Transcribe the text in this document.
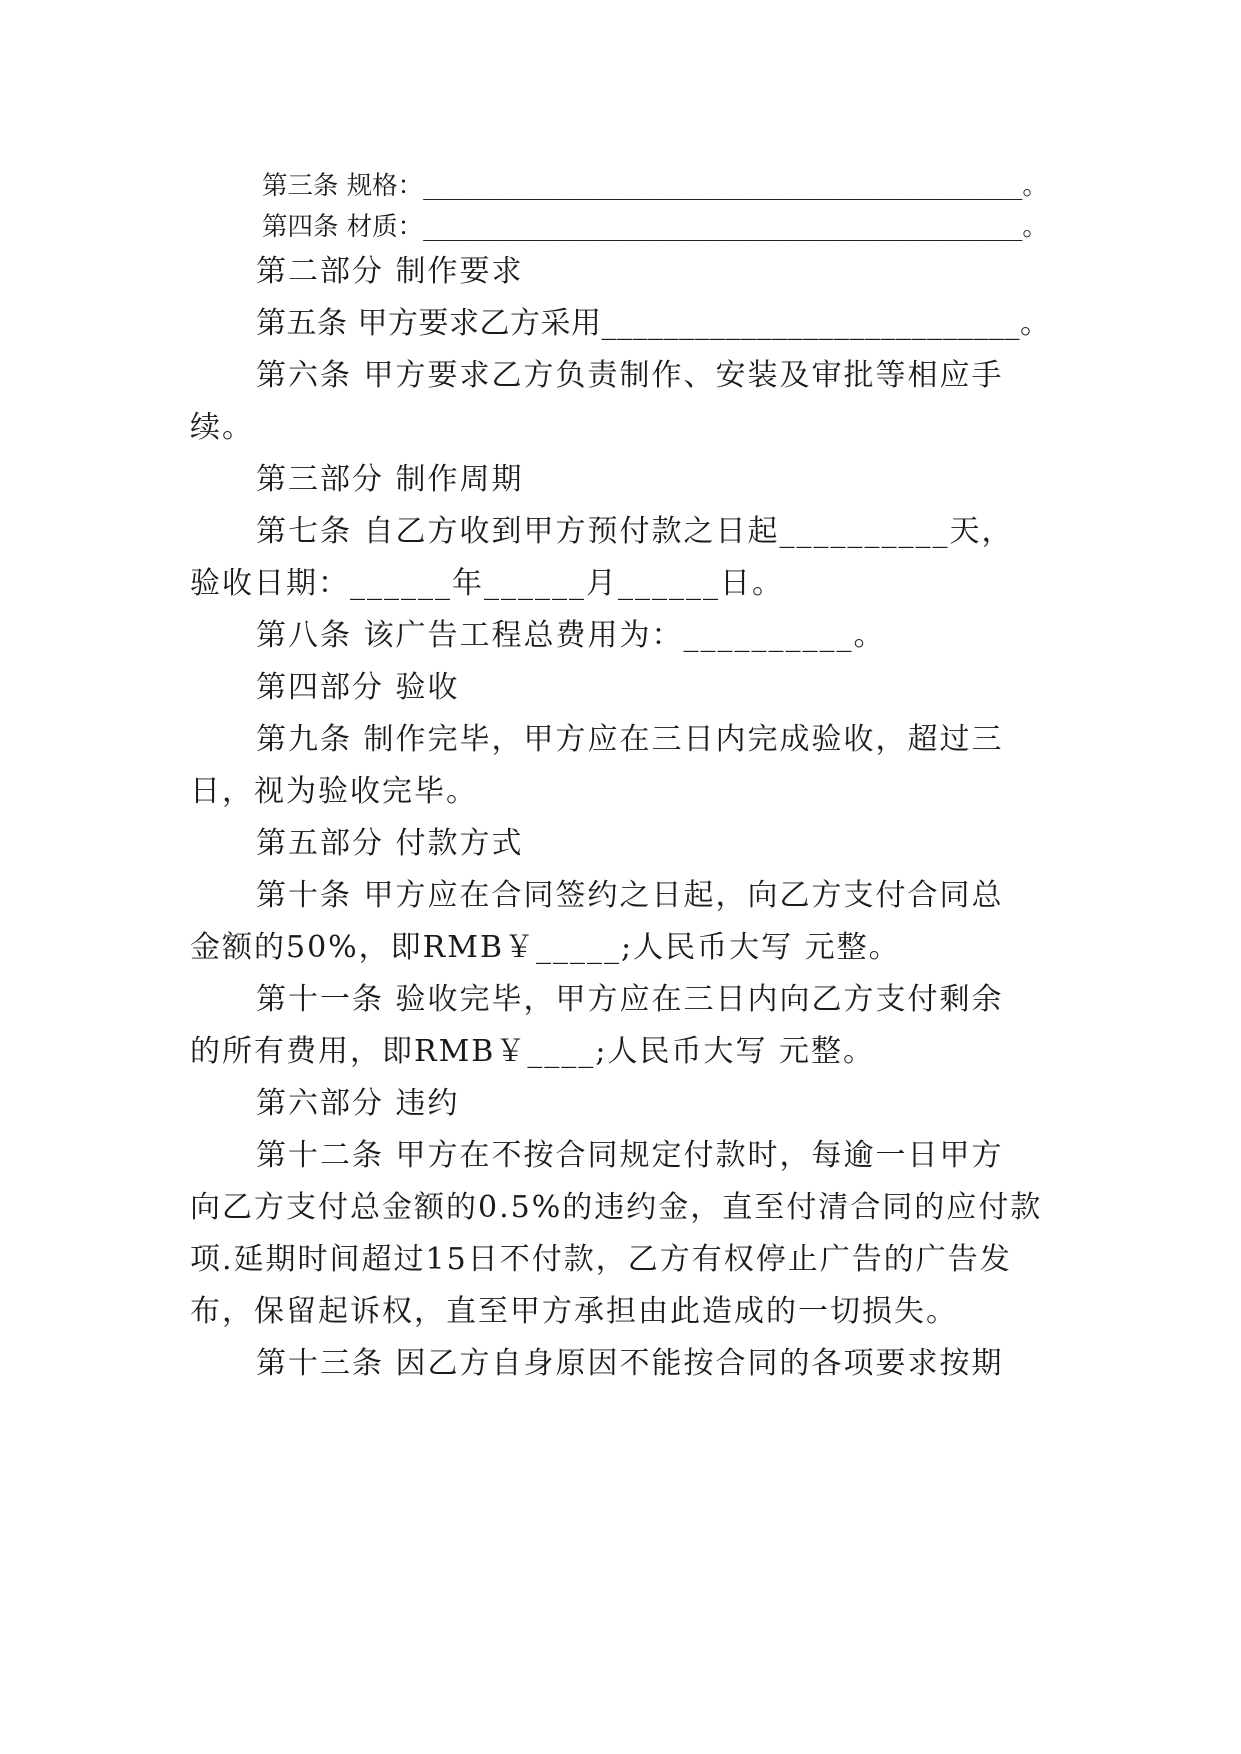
第三条 规格：_______________________________________________。
第四条 材质：_______________________________________________。
第二部分 制作要求
第五条 甲方要求乙方采用___________________________。
第六条 甲方要求乙方负责制作、安装及审批等相应手
续。
第三部分 制作周期
第七条 自乙方收到甲方预付款之日起__________天，
验收日期：______年______月______日。
第八条 该广告工程总费用为：__________。
第四部分 验收
第九条 制作完毕，甲方应在三日内完成验收，超过三
日，视为验收完毕。
第五部分 付款方式
第十条 甲方应在合同签约之日起，向乙方支付合同总
金额的50%，即RMB￥_____;人民币大写 元整。
第十一条 验收完毕，甲方应在三日内向乙方支付剩余
的所有费用，即RMB￥____;人民币大写 元整。
第六部分 违约
第十二条 甲方在不按合同规定付款时，每逾一日甲方
向乙方支付总金额的0.5%的违约金，直至付清合同的应付款
项.延期时间超过15日不付款，乙方有权停止广告的广告发
布，保留起诉权，直至甲方承担由此造成的一切损失。
第十三条 因乙方自身原因不能按合同的各项要求按期
